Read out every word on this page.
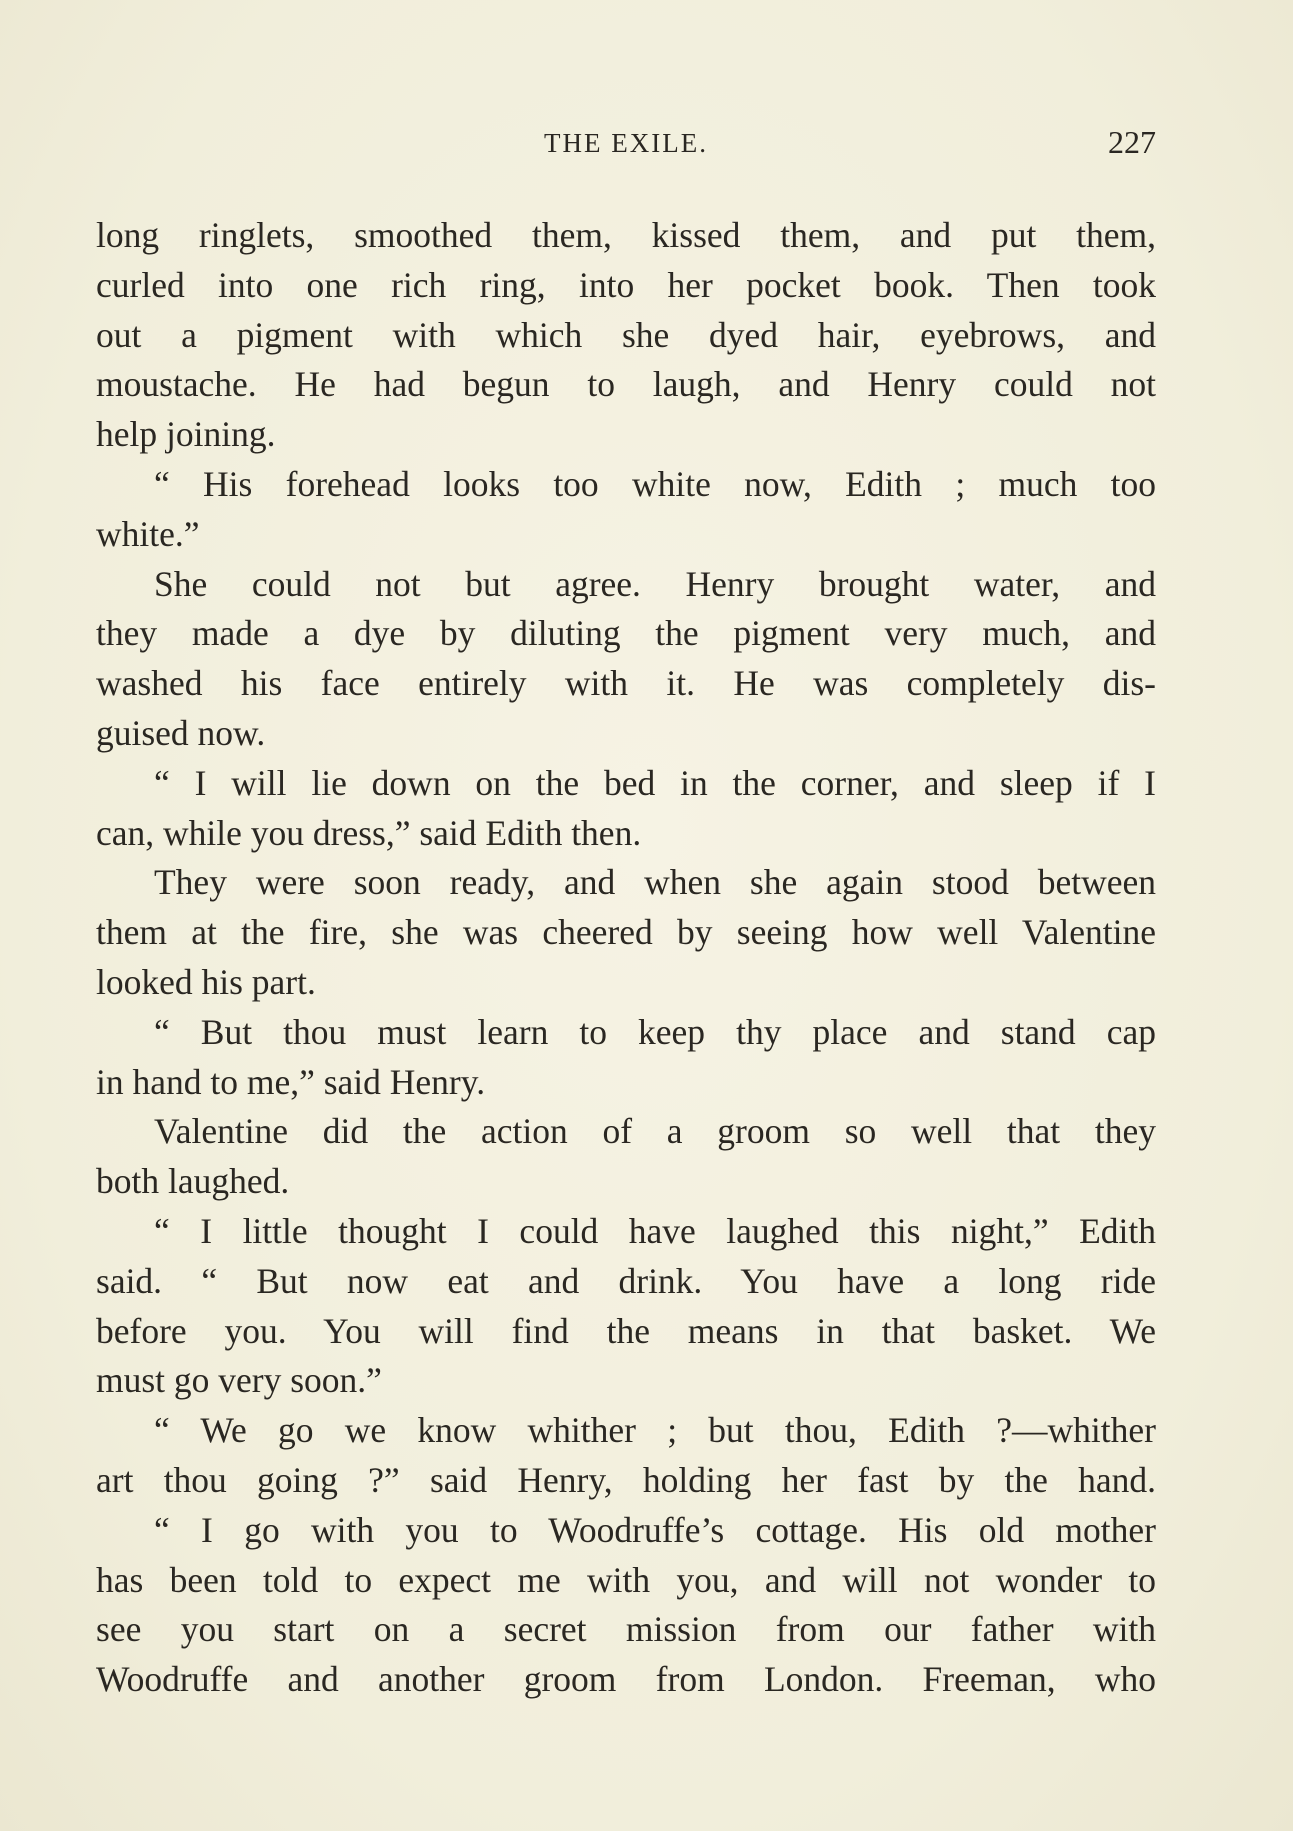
THE EXILE.	227
long ringlets, smoothed them, kissed them, and put them,
curled into one rich ring, into her pocket book. Then took
out a pigment with which she dyed hair, eyebrows, and
moustache. He had begun to laugh, and Henry could not
help joining.
“ His forehead looks too white now, Edith ; much too
white.”
She could not but agree. Henry brought water, and
they made a dye by diluting the pigment very much, and
washed his face entirely with it. He was completely dis-
guised now.
“ I will lie down on the bed in the corner, and sleep if I
can, while you dress,” said Edith then.
They were soon ready, and when she again stood between
them at the fire, she was cheered by seeing how well Valentine
looked his part.
“ But thou must learn to keep thy place and stand cap
in hand to me,” said Henry.
Valentine did the action of a groom so well that they
both laughed.
“ I little thought I could have laughed this night,” Edith
said. “ But now eat and drink. You have a long ride
before you. You will find the means in that basket. We
must go very soon.”
“ We go we know whither ; but thou, Edith ?—whither
art thou going ?” said Henry, holding her fast by the hand.
“ I go with you to Woodruffe’s cottage. His old mother
has been told to expect me with you, and will not wonder to
see you start on a secret mission from our father with
Woodruffe and another groom from London. Freeman, who
